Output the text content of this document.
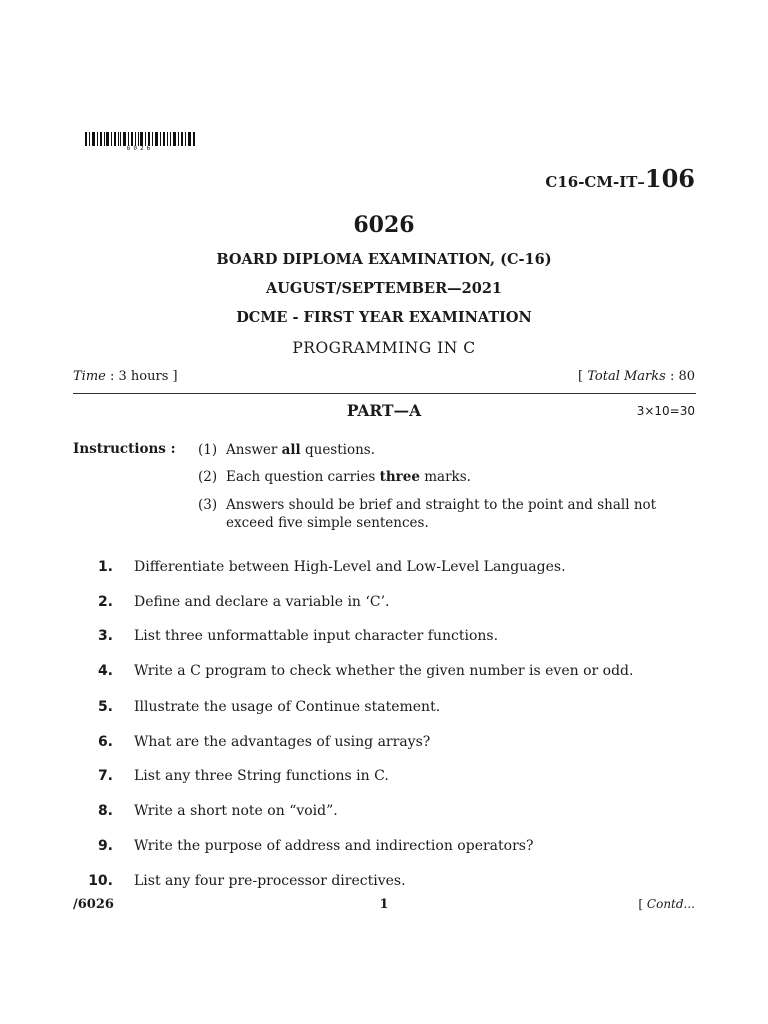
6026
C16-CM-IT–106
6026
BOARD DIPLOMA EXAMINATION, (C-16)
AUGUST/SEPTEMBER—2021
DCME - FIRST YEAR EXAMINATION
PROGRAMMING IN C
Time : 3 hours ]	[ Total Marks : 80
PART—A	3×10=30
Instructions : (1) Answer all questions.
(2) Each question carries three marks.
(3) Answers should be brief and straight to the point and shall not exceed five simple sentences.
1. Differentiate between High-Level and Low-Level Languages.
2. Define and declare a variable in ‘C’.
3. List three unformattable input character functions.
4. Write a C program to check whether the given number is even or odd.
5. Illustrate the usage of Continue statement.
6. What are the advantages of using arrays?
7. List any three String functions in C.
8. Write a short note on “void”.
9. Write the purpose of address and indirection operators?
10. List any four pre-processor directives.
/6026	1	[ Contd...
